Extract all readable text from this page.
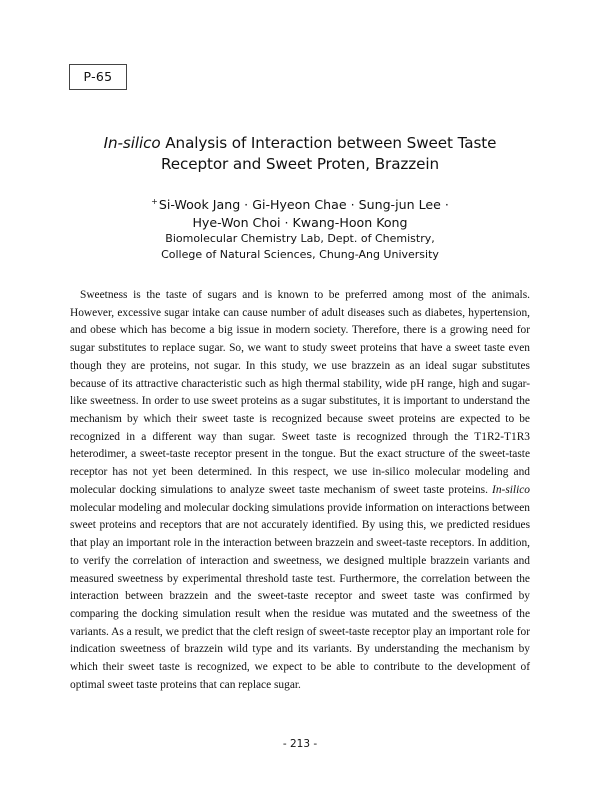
P-65
In-silico Analysis of Interaction between Sweet Taste
Receptor and Sweet Proten, Brazzein
+Si-Wook Jang · Gi-Hyeon Chae · Sung-jun Lee ·
Hye-Won Choi · Kwang-Hoon Kong
Biomolecular Chemistry Lab, Dept. of Chemistry,
College of Natural Sciences, Chung-Ang University

Sweetness is the taste of sugars and is known to be preferred among most of the animals. However, excessive sugar intake can cause number of adult diseases such as diabetes, hypertension, and obese which has become a big issue in modern society. Therefore, there is a growing need for sugar substitutes to replace sugar. So, we want to study sweet proteins that have a sweet taste even though they are proteins, not sugar. In this study, we use brazzein as an ideal sugar substitutes because of its attractive characteristic such as high thermal stability, wide pH range, high and sugar-like sweetness. In order to use sweet proteins as a sugar substitutes, it is important to understand the mechanism by which their sweet taste is recognized because sweet proteins are expected to be recognized in a different way than sugar. Sweet taste is recognized through the T1R2-T1R3 heterodimer, a sweet-taste receptor present in the tongue. But the exact structure of the sweet-taste receptor has not yet been determined. In this respect, we use in-silico molecular modeling and molecular docking simulations to analyze sweet taste mechanism of sweet taste proteins. In-silico molecular modeling and molecular docking simulations provide information on interactions between sweet proteins and receptors that are not accurately identified. By using this, we predicted residues that play an important role in the interaction between brazzein and sweet-taste receptors. In addition, to verify the correlation of interaction and sweetness, we designed multiple brazzein variants and measured sweetness by experimental threshold taste test. Furthermore, the correlation between the interaction between brazzein and the sweet-taste receptor and sweet taste was confirmed by comparing the docking simulation result when the residue was mutated and the sweetness of the variants. As a result, we predict that the cleft resign of sweet-taste receptor play an important role for indication sweetness of brazzein wild type and its variants. By understanding the mechanism by which their sweet taste is recognized, we expect to be able to contribute to the development of optimal sweet taste proteins that can replace sugar.

- 213 -
